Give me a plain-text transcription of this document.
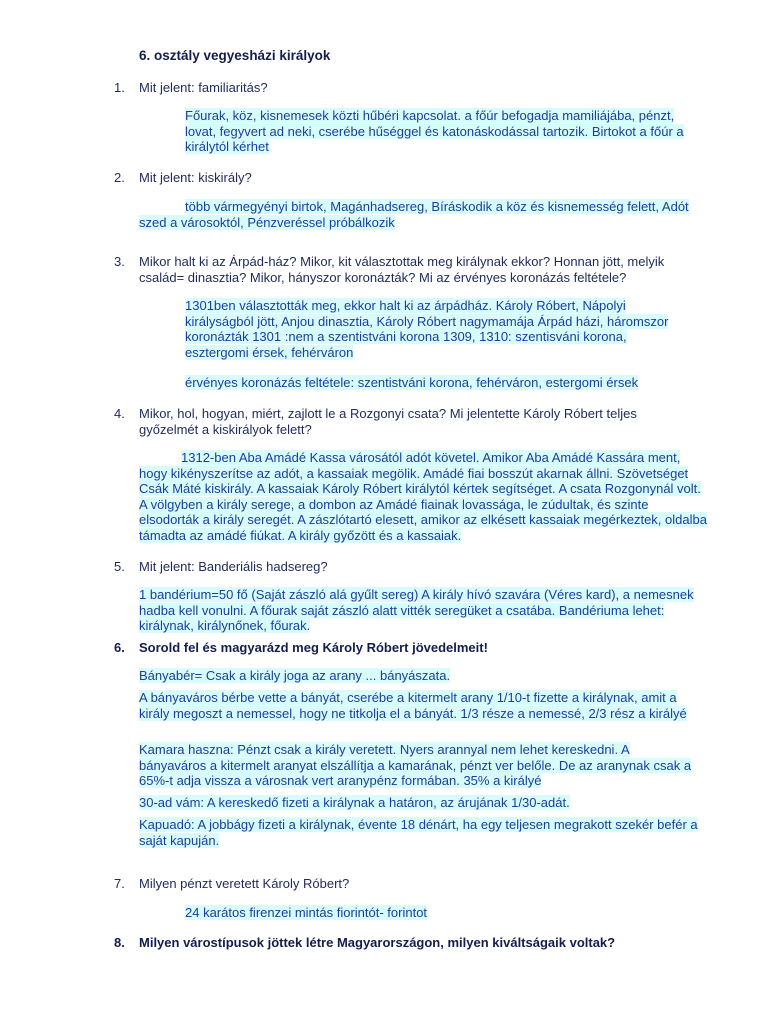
6. osztály vegyesházi királyok
1. Mit jelent: familiaritás?

Főurak, köz, kisnemesek közti hűbéri kapcsolat. a főúr befogadja mamiliájába, pénzt, lovat, fegyvert ad neki, cserébe hűséggel és katonáskodással tartozik. Birtokot a főúr a királytól kérhet

2. Mit jelent: kiskirály?

több vármegyényi birtok, Magánhadsereg, Bíráskodik a köz és kisnemesség felett, Adót szed a városoktól, Pénzveréssel próbálkozik

3. Mikor halt ki az Árpád-ház? Mikor, kit választottak meg királynak ekkor? Honnan jött, melyik család= dinasztia? Mikor, hányszor koronázták? Mi az érvényes koronázás feltétele?

1301ben választották meg, ekkor halt ki az árpádház. Károly Róbert, Nápolyi királyságból jött, Anjou dinasztia, Károly Róbert nagymamája Árpád házi, háromszor koronázták 1301 :nem a szentistváni korona 1309, 1310: szentisváni korona, esztergomi érsek, fehérváron

érvényes koronázás feltétele: szentistváni korona, fehérváron, estergomi érsek

4. Mikor, hol, hogyan, miért, zajlott le a Rozgonyi csata? Mi jelentette Károly Róbert teljes győzelmét a kiskirályok felett?

1312-ben Aba Amádé Kassa városától adót követel. Amikor Aba Amádé Kassára ment, hogy kikényszerítse az adót, a kassaiak megölik. Amádé fiai bosszút akarnak állni. Szövetséget Csák Máté kiskirály. A kassaiak Károly Róbert királytól kértek segítséget. A csata Rozgonynál volt. A völgyben a király serege, a dombon az Amádé fiainak lovassága, le zúdultak, és szinte elsodorták a király seregét. A zászlótartó elesett, amikor az elkésett kassaiak megérkeztek, oldalba támadta az amádé fiúkat. A király győzött és a kassaiak.

5. Mit jelent: Banderiális hadsereg?

1 bandérium=50 fő (Saját zászló alá gyűlt sereg) A király hívó szavára (Véres kard), a nemesnek hadba kell vonulni. A főurak saját zászló alatt vitték seregüket a csatába. Bandériuma lehet: királynak, királynőnek, főurak.

6. Sorold fel és magyarázd meg Károly Róbert jövedelmeit!

Bányabér= Csak a király joga az arany ... bányászata.

A bányaváros bérbe vette a bányát, cserébe a kitermelt arany 1/10-t fizette a királynak, amit a király megoszt a nemessel, hogy ne titkolja el a bányát. 1/3 része a nemessé, 2/3 rész a királyé

Kamara haszna: Pénzt csak a király veretett. Nyers arannyal nem lehet kereskedni. A bányaváros a kitermelt aranyat elszállítja a kamarának, pénzt ver belőle. De az aranynak csak a 65%-t adja vissza a városnak vert aranypénz formában. 35% a királyé

30-ad vám: A kereskedő fizeti a királynak a határon, az árujának 1/30-adát.

Kapuadó: A jobbágy fizeti a királynak, évente 18 dénárt, ha egy teljesen megrakott szekér befér a saját kapuján.

7. Milyen pénzt veretett Károly Róbert?

24 karátos firenzei mintás fiorintót- forintot

8. Milyen várostípusok jöttek létre Magyarországon, milyen kiváltságaik voltak?
